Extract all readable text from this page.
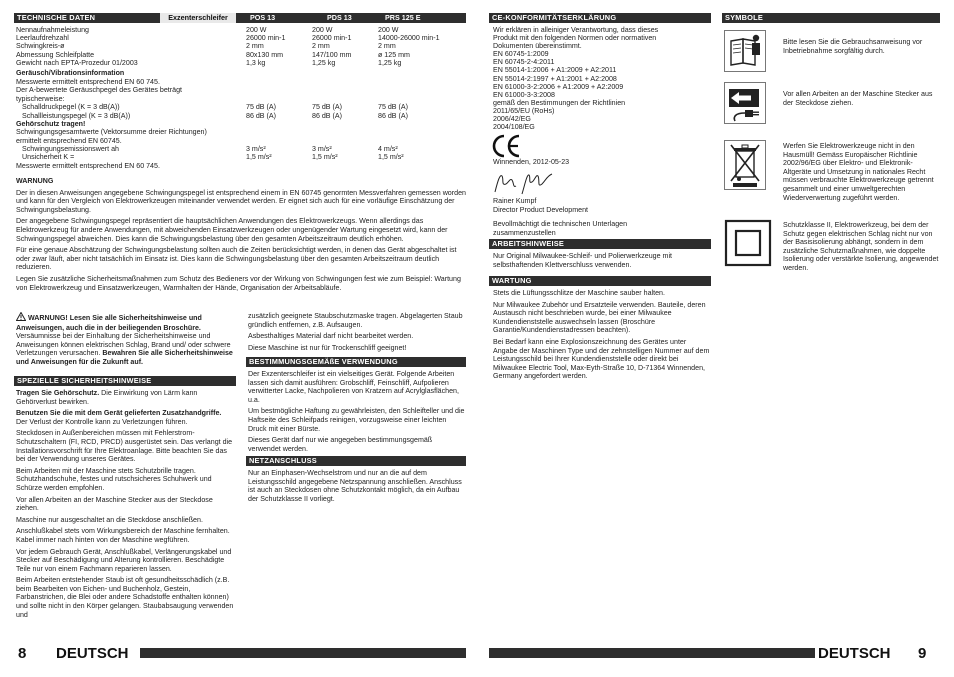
TECHNISCHE DATEN	Exzenterschleifer	POS 13	PDS 13	PRS 125 E
Nennaufnahmeleistung	200 W	200 W	200 W
Leerlaufdrehzahl	26000 min-1	26000 min-1	14000-26000 min-1
Schwingkreis-ø	2 mm	2 mm	2 mm
Abmessung Schleifplatte	80x130 mm	147/100 mm	ø 125 mm
Gewicht nach EPTA-Prozedur 01/2003	1,3 kg	1,25 kg	1,25 kg
Geräusch/Vibrationsinformation
Messwerte ermittelt entsprechend EN 60 745.
Der A-bewertete Geräuschpegel des Gerätes beträgt
typischerweise:
Schalldruckpegel (K = 3 dB(A))	75 dB (A)	75 dB (A)	75 dB (A)
Schallleistungspegel (K = 3 dB(A))	86 dB (A)	86 dB (A)	86 dB (A)
Gehörschutz tragen!
Schwingungsgesamtwerte (Vektorsumme dreier Richtungen)
ermittelt entsprechend EN 60745.
Schwingungsemissionswert ah	3 m/s²	3 m/s²	4 m/s²
Unsicherheit K =	1,5 m/s²	1,5 m/s²	1,5 m/s²
Messwerte ermittelt entsprechend EN 60 745.

WARNUNG

Der in diesen Anweisungen angegebene Schwingungspegel ist entsprechend einem in EN 60745 genormten Messverfahren gemessen worden und kann für den Vergleich von Elektrowerkzeugen miteinander verwendet werden. Er eignet sich auch für eine vorläufige Einschätzung der Schwingungsbelastung.

Der angegebene Schwingungspegel repräsentiert die hauptsächlichen Anwendungen des Elektrowerkzeugs. Wenn allerdings das Elektrowerkzeug für andere Anwendungen, mit abweichenden Einsatzwerkzeugen oder ungenügender Wartung eingesetzt wird, kann der Schwingungspegel abweichen. Dies kann die Schwingungsbelastung über den gesamten Arbeitszeitraum deutlich erhöhen.

Für eine genaue Abschätzung der Schwingungsbelastung sollten auch die Zeiten berücksichtigt werden, in denen das Gerät abgeschaltet ist oder zwar läuft, aber nicht tatsächlich im Einsatz ist. Dies kann die Schwingungsbelastung über den gesamten Arbeitszeitraum deutlich reduzieren.

Legen Sie zusätzliche Sicherheitsmaßnahmen zum Schutz des Bedieners vor der Wirkung von Schwingungen fest wie zum Beispiel: Wartung von Elektrowerkzeug und Einsatzwerkzeugen, Warmhalten der Hände, Organisation der Arbeitsabläufe.

WARNUNG! Lesen Sie alle Sicherheitshinweise und Anweisungen, auch die in der beiliegenden Broschüre. Versäumnisse bei der Einhaltung der Sicherheitshinweise und Anweisungen können elektrischen Schlag, Brand und/ oder schwere Verletzungen verursachen. Bewahren Sie alle Sicherheitshinweise und Anweisungen für die Zukunft auf.

SPEZIELLE SICHERHEITSHINWEISE

Tragen Sie Gehörschutz. Die Einwirkung von Lärm kann Gehörverlust bewirken.

Benutzen Sie die mit dem Gerät gelieferten Zusatzhandgriffe. Der Verlust der Kontrolle kann zu Verletzungen führen.

Steckdosen in Außenbereichen müssen mit Fehlerstrom-Schutzschaltern (FI, RCD, PRCD) ausgerüstet sein. Das verlangt die Installationsvorschrift für Ihre Elektroanlage. Bitte beachten Sie das bei der Verwendung unseres Gerätes.

Beim Arbeiten mit der Maschine stets Schutzbrille tragen. Schutzhandschuhe, festes und rutschsicheres Schuhwerk und Schürze werden empfohlen.

Vor allen Arbeiten an der Maschine Stecker aus der Steckdose ziehen.

Maschine nur ausgeschaltet an die Steckdose anschließen.

Anschlußkabel stets vom Wirkungsbereich der Maschine fernhalten. Kabel immer nach hinten von der Maschine wegführen.

Vor jedem Gebrauch Gerät, Anschlußkabel, Verlängerungskabel und Stecker auf Beschädigung und Alterung kontrollieren. Beschädigte Teile nur von einem Fachmann reparieren lassen.

Beim Arbeiten entstehender Staub ist oft gesundheitsschädlich (z.B. beim Bearbeiten von Eichen- und Buchenholz, Gestein, Farbanstrichen, die Blei oder andere Schadstoffe enthalten können) und sollte nicht in den Körper gelangen. Staubabsaugung verwenden und

zusätzlich geeignete Staubschutzmaske tragen. Abgelagerten Staub gründlich entfernen, z.B. Aufsaugen.

Asbesthaltiges Material darf nicht bearbeitet werden.

Diese Maschine ist nur für Trockenschliff geeignet!

BESTIMMUNGSGEMÄßE VERWENDUNG

Der Exzenterschleifer ist ein vielseitiges Gerät. Folgende Arbeiten lassen sich damit ausführen: Grobschliff, Feinschliff, Aufpolieren verwitterter Lacke, Nachpolieren von Kratzern auf Acrylglasflächen, u.a.

Um bestmögliche Haftung zu gewährleisten, den Schleifteller und die Haftseite des Schleifpads reinigen, vorzugsweise einer leichten Druck mit einer Bürste.

Dieses Gerät darf nur wie angegeben bestimmungsgemäß verwendet werden.

NETZANSCHLUSS

Nur an Einphasen-Wechselstrom und nur an die auf dem Leistungsschild angegebene Netzspannung anschließen. Anschluss ist auch an Steckdosen ohne Schutzkontakt möglich, da ein Aufbau der Schutzklasse II vorliegt.

8 DEUTSCH
CE-KONFORMITÄTSERKLÄRUNG
Wir erklären in alleiniger Verantwortung, dass dieses
Produkt mit den folgenden Normen oder normativen
Dokumenten übereinstimmt.
EN 60745-1:2009
EN 60745-2-4:2011
EN 55014-1:2006 + A1:2009 + A2:2011
EN 55014-2:1997 + A1:2001 + A2:2008
EN 61000-3-2:2006 + A1:2009 + A2:2009
EN 61000-3-3:2008
gemäß den Bestimmungen der Richtlinien
2011/65/EU (RoHs)
2006/42/EG
2004/108/EG
Winnenden, 2012-05-23
Rainer Kumpf
Director Product Development
Bevollmächtigt die technischen Unterlagen
zusammenzustellen
ARBEITSHINWEISE

Nur Original Milwaukee-Schleif- und Polierwerkzeuge mit selbsthaftenden Klettverschluss verwenden.

WARTUNG

Stets die Lüftungsschlitze der Maschine sauber halten.

Nur Milwaukee Zubehör und Ersatzteile verwenden. Bauteile, deren Austausch nicht beschrieben wurde, bei einer Milwaukee Kundendienststelle auswechseln lassen (Broschüre Garantie/Kundendienstadressen beachten).

Bei Bedarf kann eine Explosionszeichnung des Gerätes unter Angabe der Maschinen Type und der zehnstelligen Nummer auf dem Leistungsschild bei Ihrer Kundendienststelle oder direkt bei Milwaukee Electric Tool, Max-Eyth-Straße 10, D-71364 Winnenden, Germany angefordert werden.

SYMBOLE
Bitte lesen Sie die Gebrauchsanweisung vor Inbetriebnahme sorgfältig durch.
Vor allen Arbeiten an der Maschine Stecker aus der Steckdose ziehen.
Werfen Sie Elektrowerkzeuge nicht in den Hausmüll! Gemäss Europäischer Richtlinie 2002/96/EG über Elektro- und Elektronik-Altgeräte und Umsetzung in nationales Recht müssen verbrauchte Elektrowerkzeuge getrennt gesammelt und einer umweltgerechten Wiederverwertung zugeführt werden.
Schutzklasse II, Elektrowerkzeug, bei dem der Schutz gegen elektrischen Schlag nicht nur von der Basisisolierung abhängt, sondern in dem zusätzliche Schutzmaßnahmen, wie doppelte Isolierung oder verstärkte Isolierung, angewendet werden.
DEUTSCH 9
